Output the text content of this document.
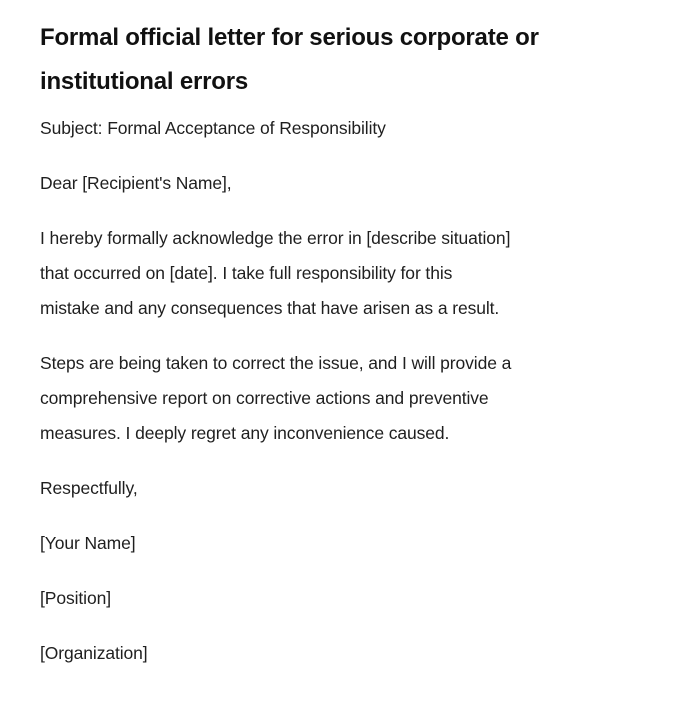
Formal official letter for serious corporate or
institutional errors
Subject: Formal Acceptance of Responsibility
Dear [Recipient's Name],
I hereby formally acknowledge the error in [describe situation]
that occurred on [date]. I take full responsibility for this
mistake and any consequences that have arisen as a result.
Steps are being taken to correct the issue, and I will provide a
comprehensive report on corrective actions and preventive
measures. I deeply regret any inconvenience caused.
Respectfully,
[Your Name]
[Position]
[Organization]
